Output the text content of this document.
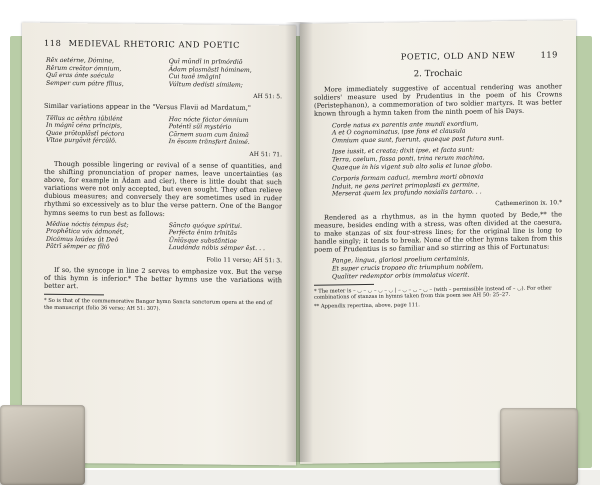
118 MEDIEVAL RHETORIC AND POETIC
Rēx aetérne, Dómine,
Rērum creātor ómnium,
Quī eras ánte saécula
Semper cum pátre fīlius,
Quī mūndī in prīmórdiō
Ādam plasmāstī hóminem,
Cui tuaē imāginī
Vúltum dedísti símilem;
AH 51: 5.

Similar variations appear in the "Versus Flavii ad Mardatum,"

Tēllus ac aēthra iūbilént
In mágnī céna prīncipis,
Quae prōtoplā̄stī péctora
Vītae purgāvit fércūlō.
Hac nócte fáctor ómnium
Poténtī sūī mystério
Cārnem suam cum ā́nimā
In ēscam trānsfert ā́nimé.
AH 51: 71.

Though possible lingering or revival of a sense of quantities, and the shifting pronunciation of proper names, leave uncertainties (as above, for example in Ādam and cĭer), there is little doubt that such variations were not only accepted, but even sought. They often relieve dubious measures; and conversely they are sometimes used in ruder rhythmi so excessively as to blur the verse pattern. One of the Bangor hymns seems to run best as follows:

Mēdiae nóctis témpus ēst;
Prophḗtica vóx ádmonét,
Dicámus laúdes ūt Deō
Pātrī sēmper ac fīliō
Sāncto quóque spíritui.
Perfécta ēnim trīnitās
Ūnīūsque substā́ntiae
Laudánda nóbis sémper ēst. . .
Folio 11 verso; AH 51: 3.

If so, the syncope in line 2 serves to emphasize vox. But the verse of this hymn is inferior.* The better hymns use the variations with better art.

* So is that of the commemorative Bangor hymn Sancta sanctorum opera at the end of the manuscript (folio 36 verso; AH 51: 307).

POETIC, OLD AND NEW	119
2. Trochaic

More immediately suggestive of accentual rendering was another soldiers' measure used by Prudentius in the poem of his Crowns (Peristephanon), a commemoration of two soldier martyrs. It was better known through a hymn taken from the ninth poem of his Days.

Corde natus ex parentis ante mundi exordium,
A et O cognominatus, ipse fons et clausula
Omnium quae sunt, fuerunt, quaeque post futura sunt.
Ipse iussit, et creata; dixit ipse, et facta sunt:
Terra, caelum, fossa ponti, trina rerum machina,
Quaeque in his vigent sub alto solis et lunae globo.
Corporis formam caduci, membra morti obnoxia
Induit, ne gens periret primoplasti ex germine,
Merserat quem lex profundo noxialis tartaro. . .
Cathemerinon ix. 10.*

Rendered as a rhythmus, as in the hymn quoted by Bede,** the measure, besides ending with a stress, was often divided at the caesura, to make stanzas of six four-stress lines; for the original line is long to handle singly; it tends to break. None of the other hymns taken from this poem of Prudentius is so familiar and so stirring as this of Fortunatus:

Pange, lingua, gloriosi proelium certaminis,
Et super crucis tropaeo dic triumphum nobilem,
Qualiter redemptor orbis immolatus vicerit.

* The meter is – ◡ – ◡ – ◡ – ◡ | – ◡ – ◡ – ◡ – (with – permissible instead of – ◡). For other combinations of stanzas in hymns taken from this poem see AH 50: 25–27.

** Appendix repertina, above, page 111.
